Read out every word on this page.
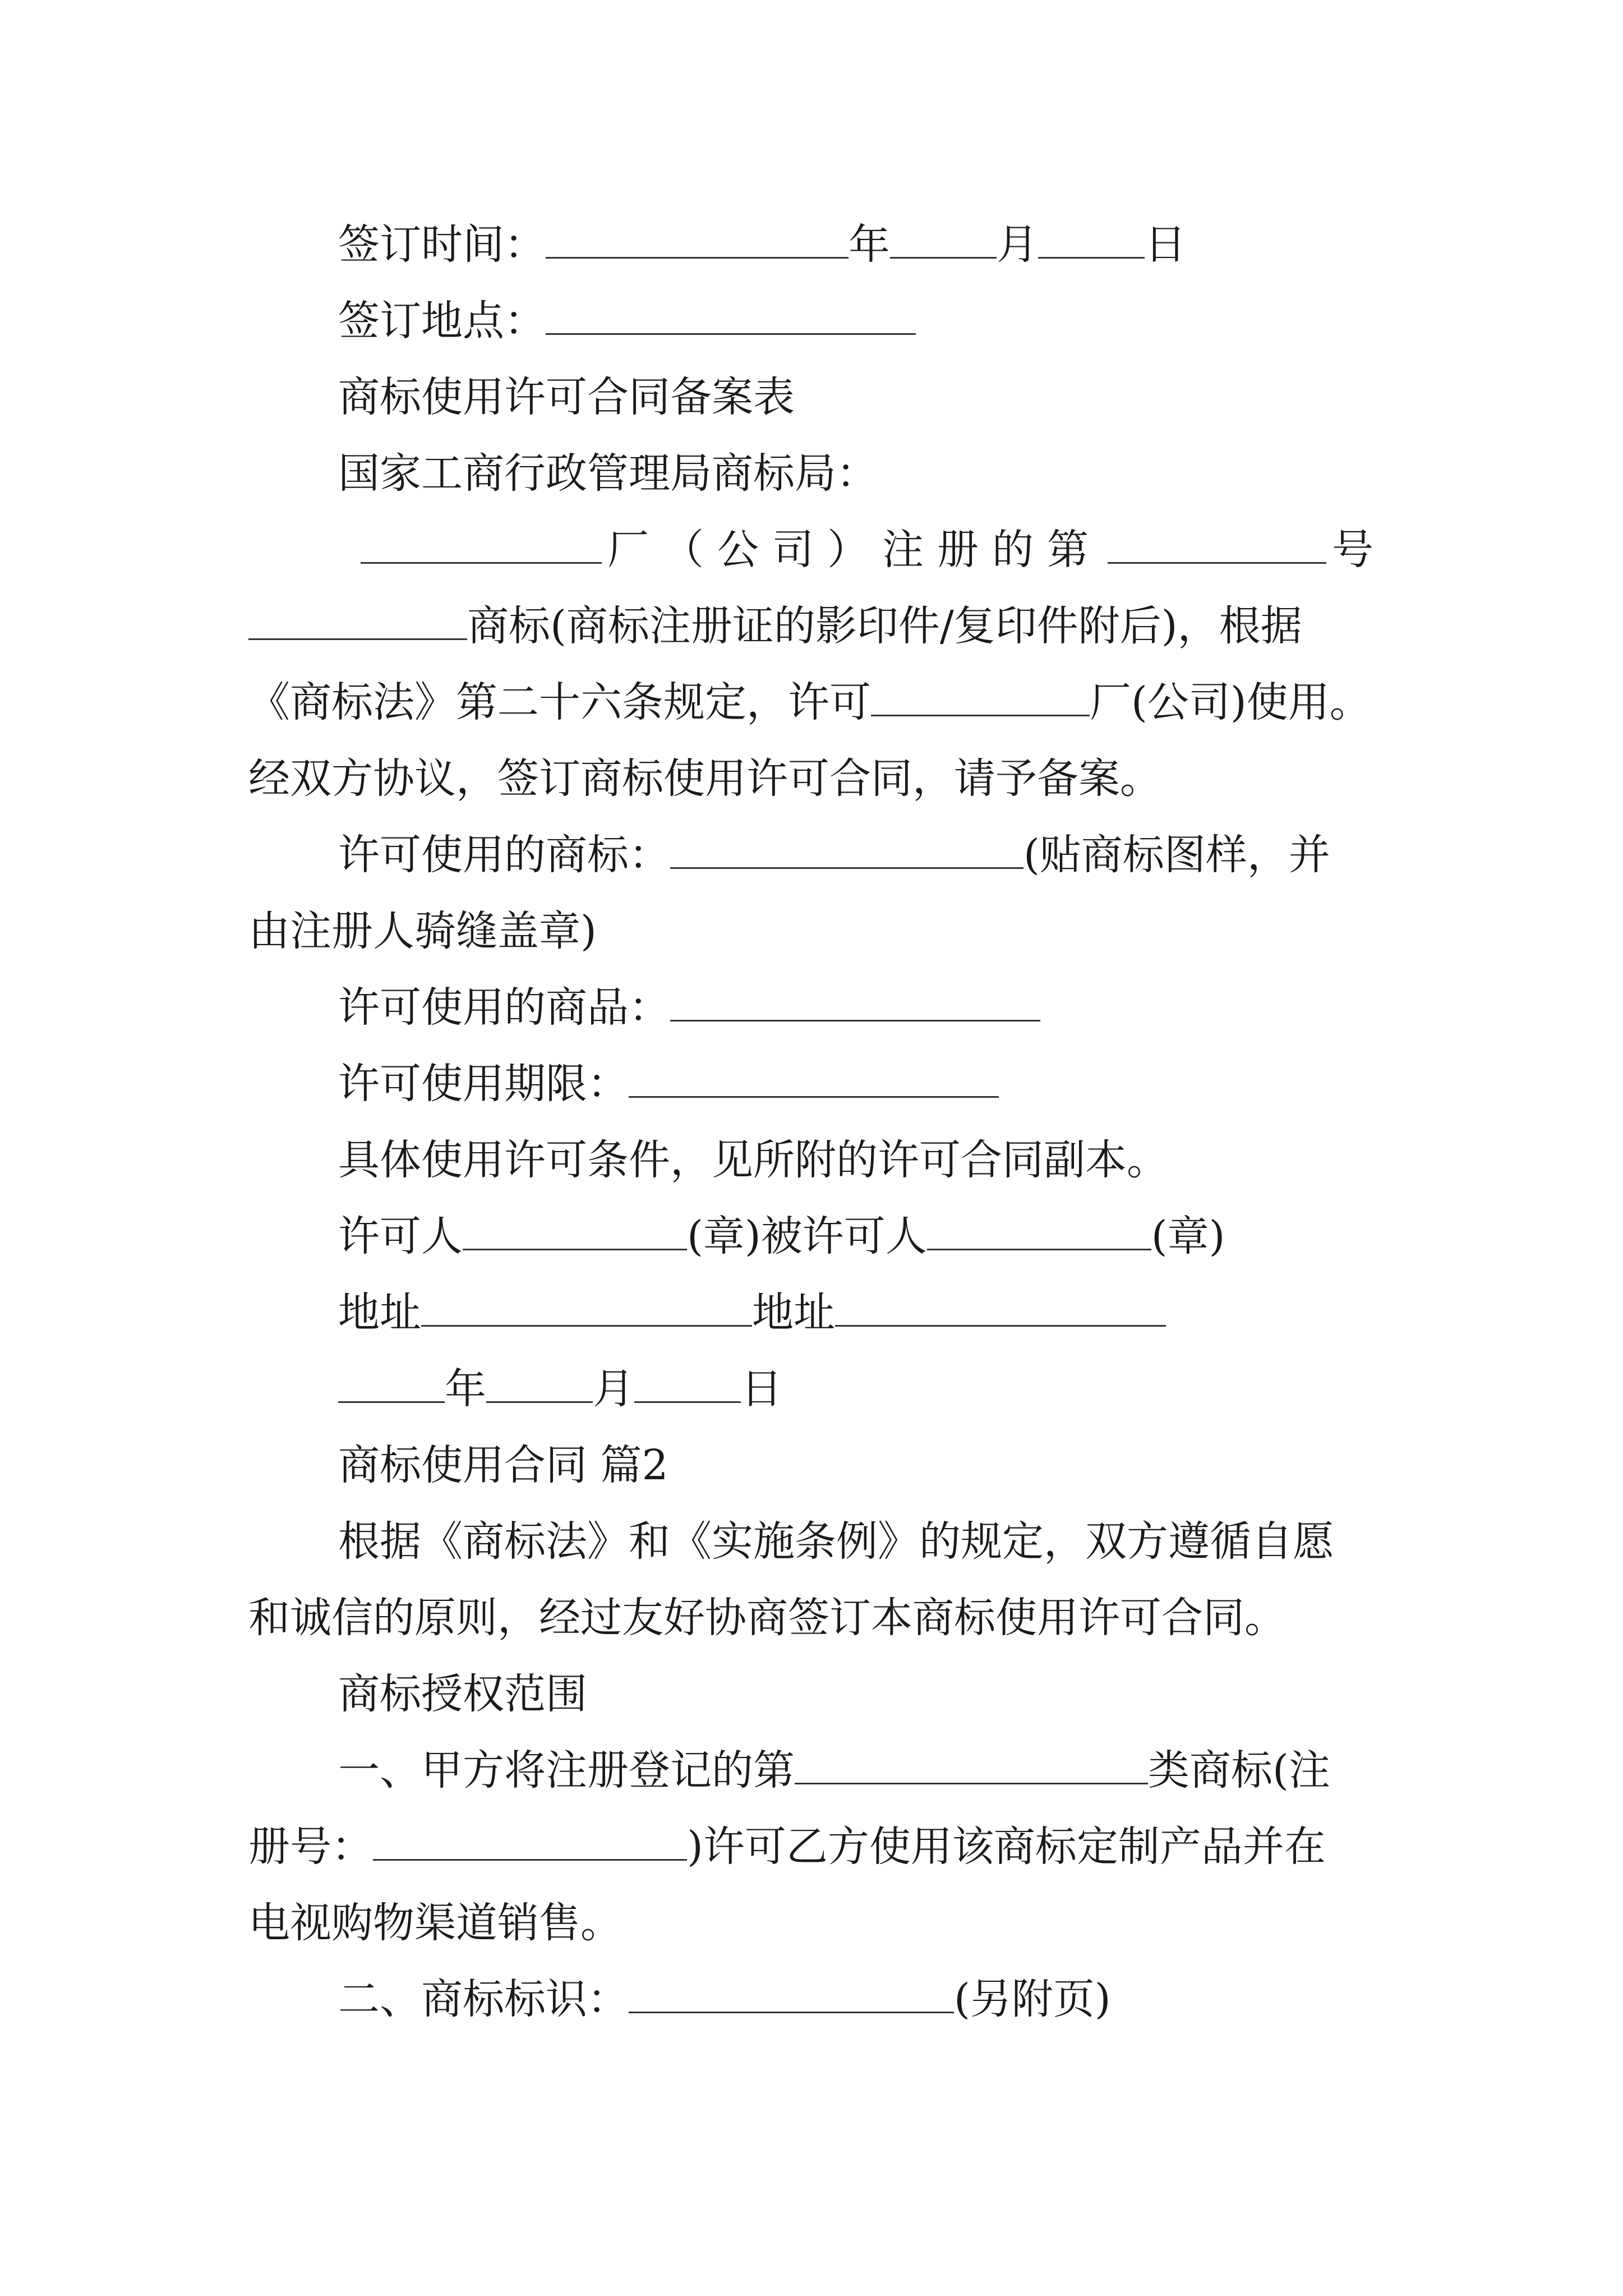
签订时间：	年	月	日
签订地点：
商标使用许可合同备案表
国家工商行政管理局商标局：
厂（公司）注册的第	号
商标(商标注册证的影印件/复印件附后)，根据
《商标法》第二十六条规定，许可	厂(公司)使用。
经双方协议，签订商标使用许可合同，请予备案。
许可使用的商标：	(贴商标图样，并
由注册人骑缝盖章)
许可使用的商品：
许可使用期限：
具体使用许可条件，见所附的许可合同副本。
许可人	(章)被许可人	(章)
地址	地址
年	月	日
商标使用合同 篇2
根据《商标法》和《实施条例》的规定，双方遵循自愿
和诚信的原则，经过友好协商签订本商标使用许可合同。
商标授权范围
一、甲方将注册登记的第	类商标(注
册号：	)许可乙方使用该商标定制产品并在
电视购物渠道销售。
二、商标标识：	(另附页)
